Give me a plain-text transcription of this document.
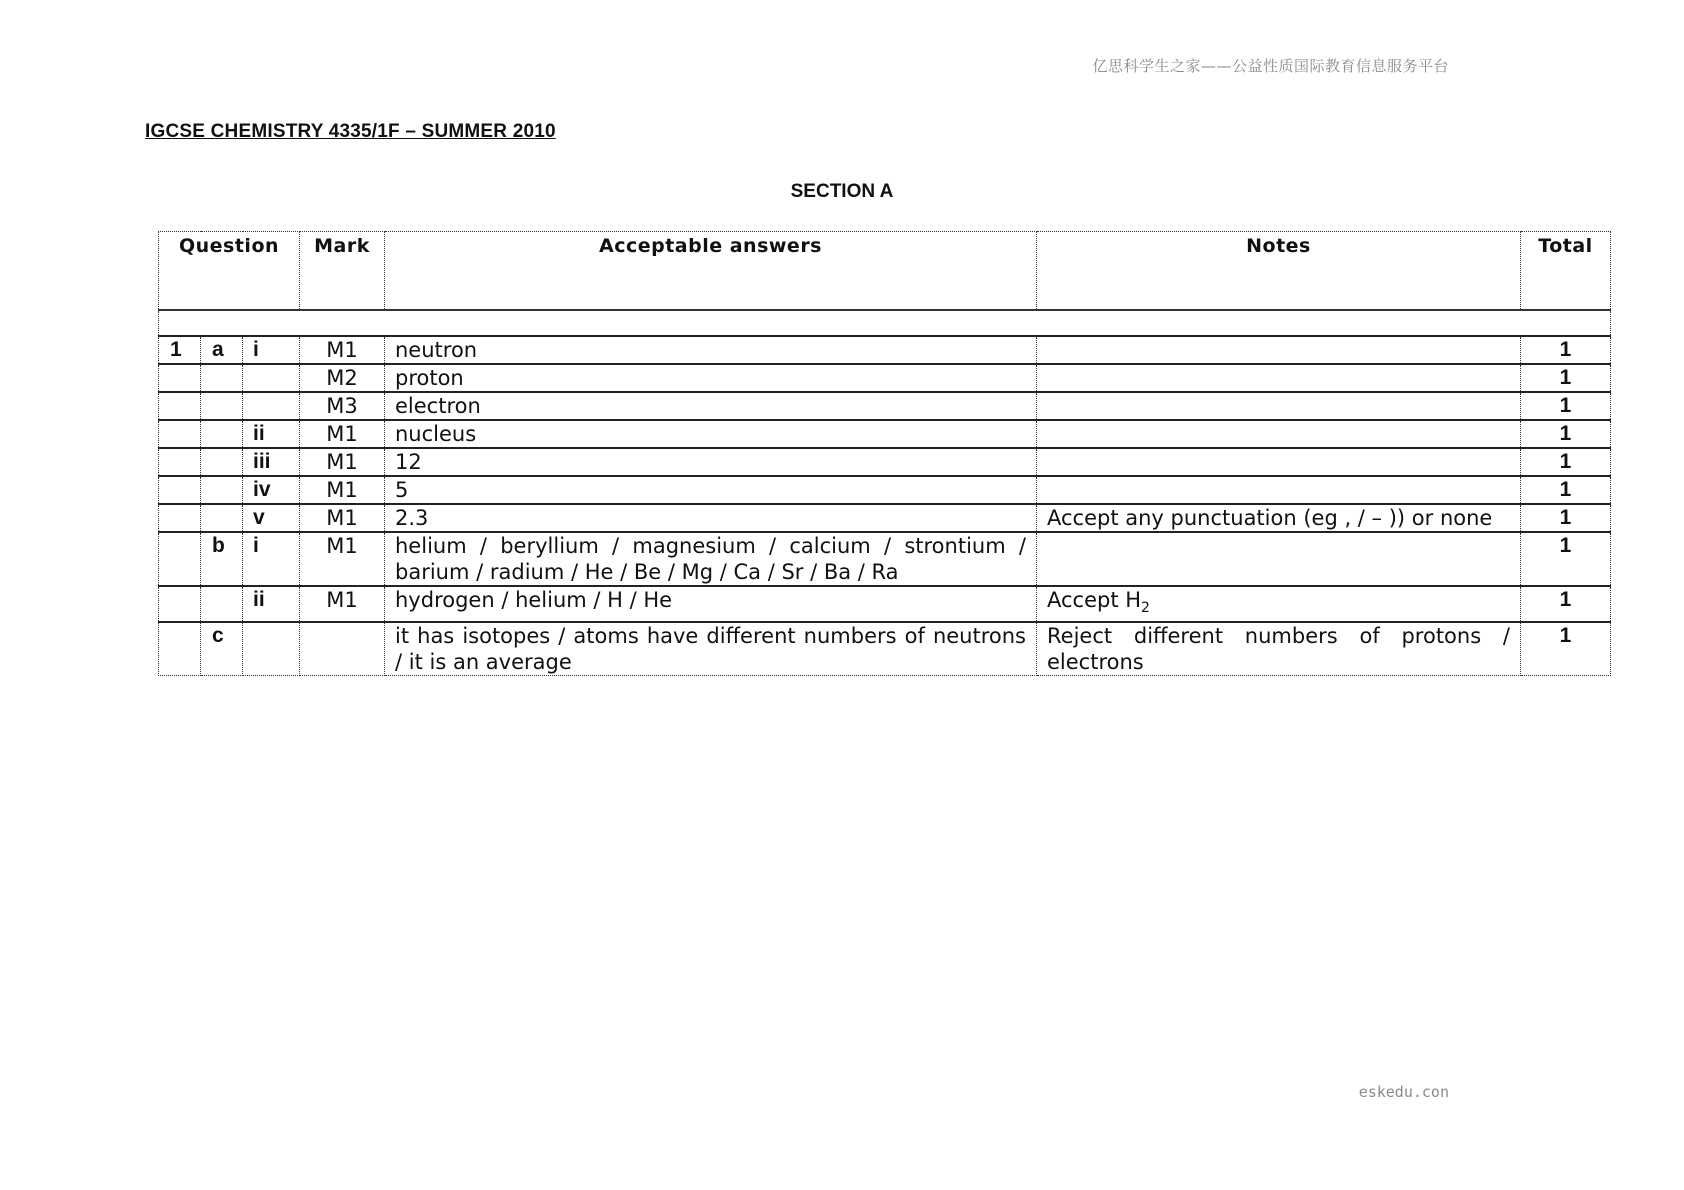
亿思科学生之家——公益性质国际教育信息服务平台
IGCSE CHEMISTRY 4335/1F – SUMMER 2010
SECTION A
Question			Mark	Acceptable answers	Notes	Total

1	a	i	M1	neutron		1
			M2	proton		1
			M3	electron		1
		ii	M1	nucleus		1
		iii	M1	12		1
		iv	M1	5		1
		v	M1	2.3	Accept any punctuation (eg , / – )) or none	1
	b	i	M1	helium / beryllium / magnesium / calcium / strontium / barium / radium / He / Be / Mg / Ca / Sr / Ba / Ra		1
		ii	M1	hydrogen / helium / H / He	Accept $H_2$	1
	c			it has isotopes / atoms have different numbers of neutrons / it is an average	Reject different numbers of protons / electrons	1
eskedu.con
